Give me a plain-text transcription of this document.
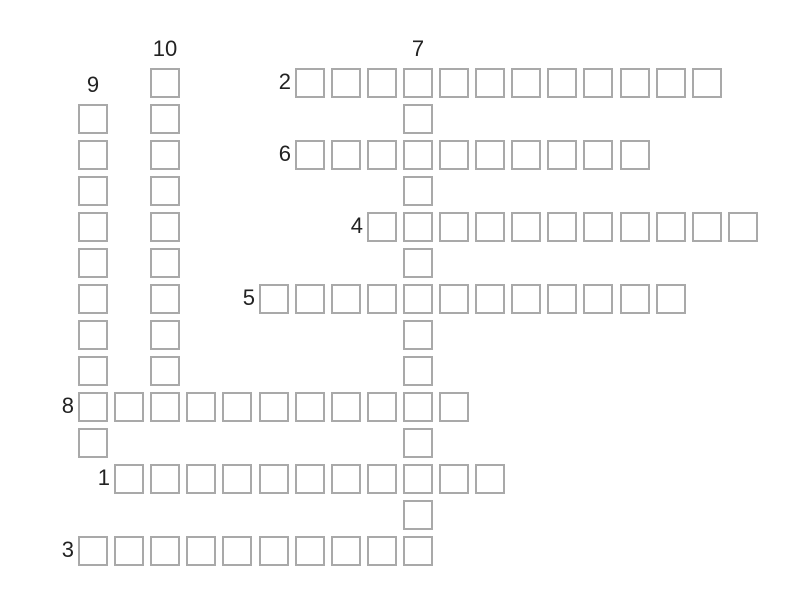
2
6
4
5
8
1
3
7
9
10
